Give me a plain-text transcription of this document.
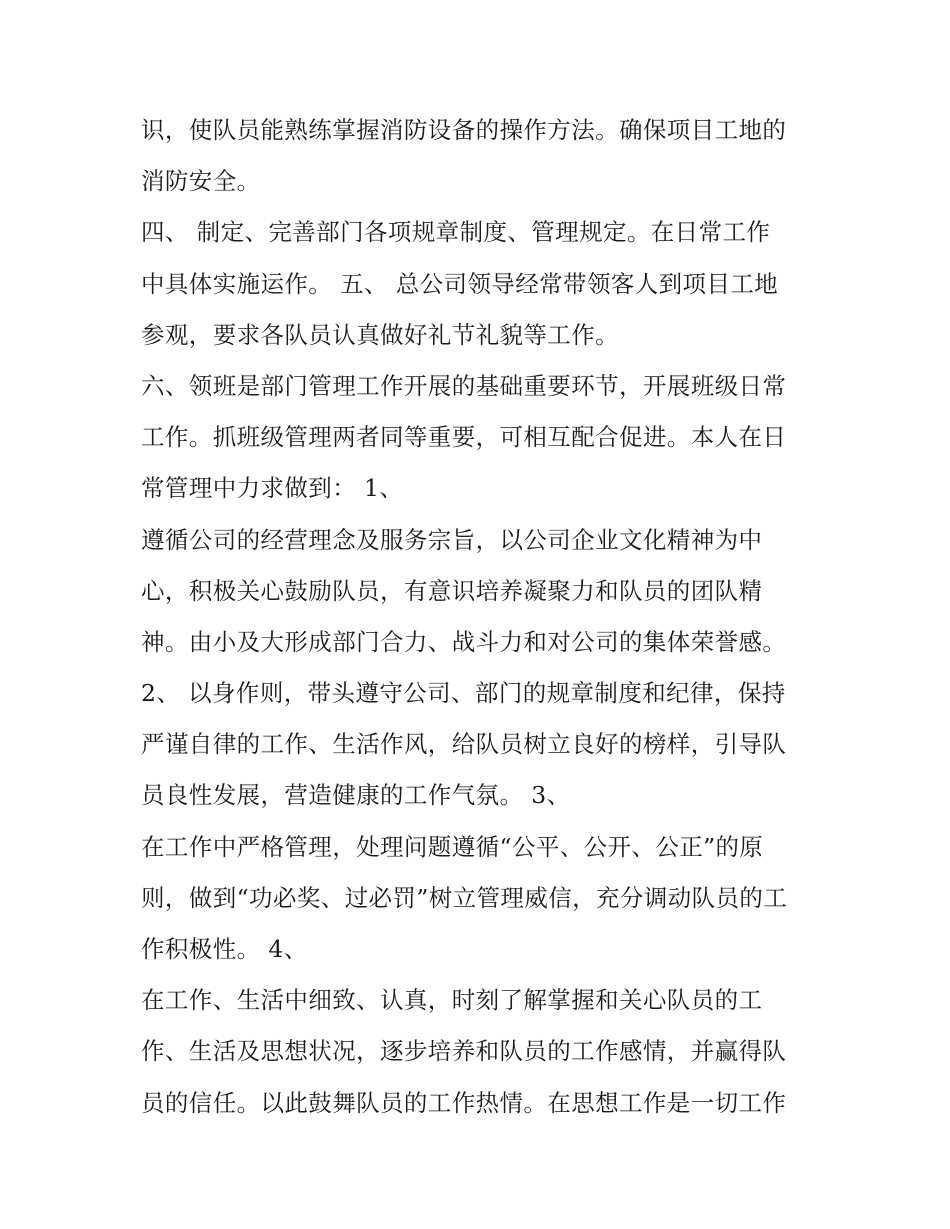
识，使队员能熟练掌握消防设备的操作方法。确保项目工地的
消防安全。
四、 制定、完善部门各项规章制度、管理规定。在日常工作
中具体实施运作。 五、 总公司领导经常带领客人到项目工地
参观，要求各队员认真做好礼节礼貌等工作。
六、领班是部门管理工作开展的基础重要环节，开展班级日常
工作。抓班级管理两者同等重要，可相互配合促进。本人在日
常管理中力求做到： 1、
遵循公司的经营理念及服务宗旨，以公司企业文化精神为中
心，积极关心鼓励队员，有意识培养凝聚力和队员的团队精
神。由小及大形成部门合力、战斗力和对公司的集体荣誉感。
2、 以身作则，带头遵守公司、部门的规章制度和纪律，保持
严谨自律的工作、生活作风，给队员树立良好的榜样，引导队
员良性发展，营造健康的工作气氛。 3、
在工作中严格管理，处理问题遵循“公平、公开、公正”的原
则，做到“功必奖、过必罚”树立管理威信，充分调动队员的工
作积极性。 4、
在工作、生活中细致、认真，时刻了解掌握和关心队员的工
作、生活及思想状况，逐步培养和队员的工作感情，并赢得队
员的信任。以此鼓舞队员的工作热情。在思想工作是一切工作
